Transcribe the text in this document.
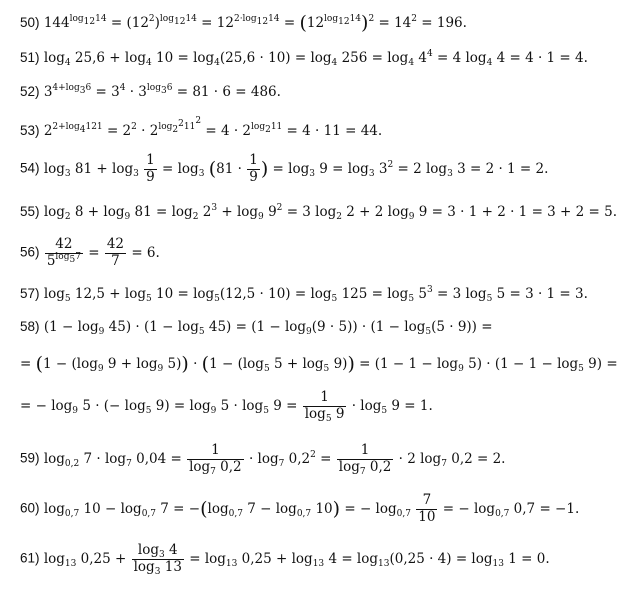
50) $144^{log_{12}14} = (12^2)^{log_{12}14} = 12^{2\cdot log_{12}14} = (12^{log_{12}14})^2 = 14^2 = 196$.
51) $\log_4 25,6 + \log_4 10 = \log_4(25,6 \cdot 10) = \log_4 256 = \log_4 4^4 = 4$ $\log_4 4 = 4 \cdot 1 = 4$.
52) $3^{4+log_36} = 3^4 \cdot 3^{log_36} = 81 \cdot 6 = 486$.
53) $2^{2+log_4121} = 2^2 \cdot 2^{log_{2^2}11^2} = 4 \cdot 2^{log_211} = 4 \cdot 11 = 44$.
54) $\log_3 81 + \log_3 \frac{1}{9} = \log_3 (81 \cdot \frac{1}{9}$ ) = $\log_3 9 = \log_3 3^2 = 2$ $\log_3 3 = 2 \cdot 1 = 2$.
55) $\log_2 8 + \log_9 81 = \log_2 2^3 + \log_9 9^2 = 3$ $\log_2 2 + 2$ $\log_9 9 = 3 \cdot 1 + 2 \cdot 1 = 3 + 2 = 5$.
$56) \frac{42}{5^{log_57}} = \frac{42}{7} = 6$.
57) $\log_5 12,5 + \log_5 10 = \log_5(12,5 \cdot 10) = \log_5 125 = \log_5 5^3 = 3$ $\log_5 5 = 3 \cdot 1 = 3$.
58) $(1 - \log_9 45) \cdot (1 - \log_5 45) = (1 - \log_9(9 \cdot 5)) \cdot (1 - \log_5(5 \cdot 9))$ =
= ($1 - (\log_9$ $9 + \log_9 5)) \cdot (1 - (\log_5$ $5 + \log_5 9)) = (1 - 1 - \log_9 5) \cdot (1 - 1 - \log_5 9)$ =
= − $\log_9 5$ · (− $\log_5 9) = \log_9 5 \cdot \log_5 9 = \frac{1}{\log_5 9} \cdot \log_5 9 = 1$.
59) $\log_{0,2} 7 \cdot \log_7 0,04 = \frac{1}{\log_7 0,2} \cdot \log_7 0,2^2 = \frac{1}{\log_7 0,2} \cdot 2$ $\log_7 0,2 = 2$.
60) $\log_{0,7} 10 - \log_{0,7} 7 = -(\log_{0,7}$ $7 - \log_{0,7} 10$) = − $\log_{0,7} \frac{7}{10}$ = − $\log_{0,7} 0,7 = -1$.
61) $\log_{13} 0,25 + \frac{\log_3 4}{\log_3 13} = \log_{13} 0,25 + \log_{13} 4 = \log_{13}(0,25 \cdot 4) = \log_{13} 1 = 0$.
